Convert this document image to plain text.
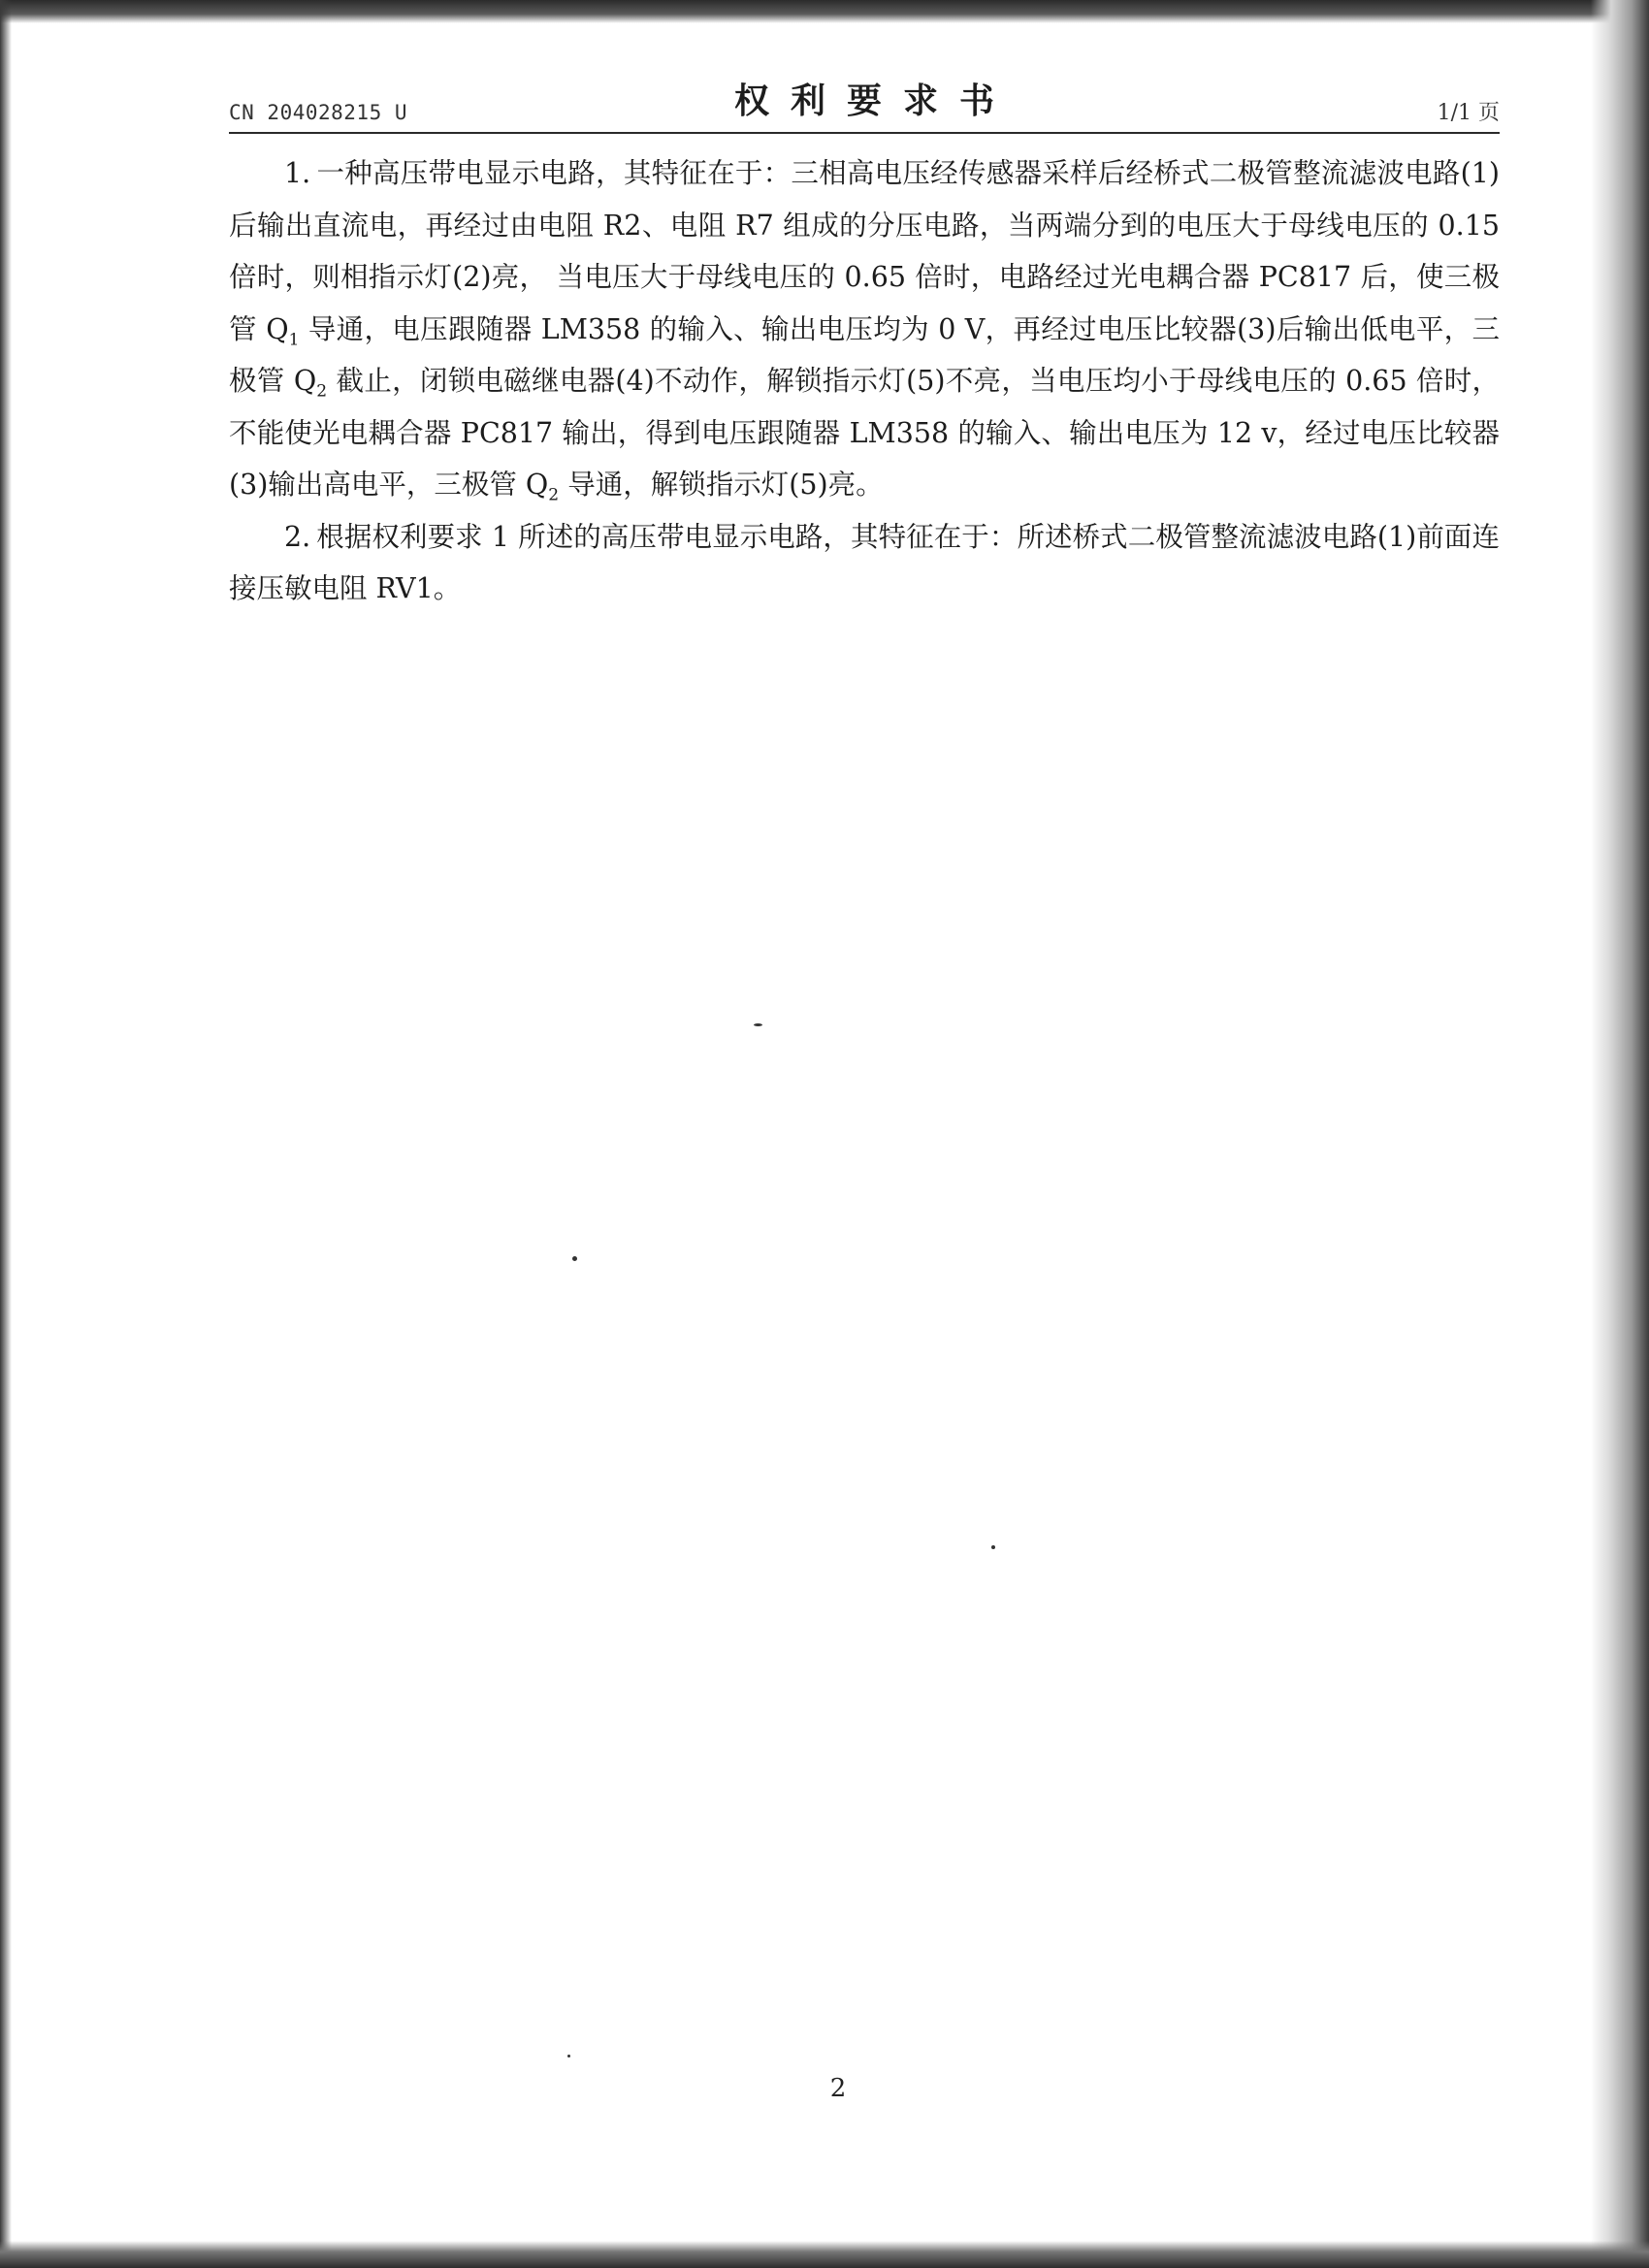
CN 204028215 U	权利要求书	1/1 页

1. 一种高压带电显示电路，其特征在于：三相高电压经传感器采样后经桥式二极管整流滤波电路(1)后输出直流电，再经过由电阻 R2、电阻 R7 组成的分压电路，当两端分到的电压大于母线电压的 0.15 倍时，则相指示灯(2)亮， 当电压大于母线电压的 0.65 倍时，电路经过光电耦合器 PC817 后，使三极管 $Q_1$ 导通，电压跟随器 LM358 的输入、输出电压均为 0 V，再经过电压比较器(3)后输出低电平，三极管 $Q_2$ 截止，闭锁电磁继电器(4)不动作，解锁指示灯(5)不亮，当电压均小于母线电压的 0.65 倍时，不能使光电耦合器 PC817 输出，得到电压跟随器 LM358 的输入、输出电压为 12 v，经过电压比较器(3)输出高电平，三极管 $Q_2$ 导通，解锁指示灯(5)亮。

2. 根据权利要求 1 所述的高压带电显示电路，其特征在于：所述桥式二极管整流滤波电路(1)前面连接压敏电阻 RV1。

2
